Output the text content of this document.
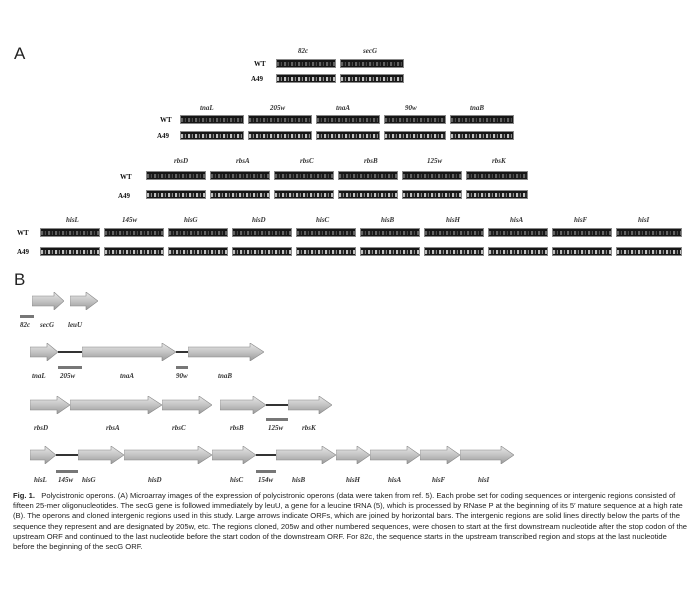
A	82c	secG
WT
A49
tnaL	205w	tnaA	90w	tnaB
WT
A49
rbsD	rbsA	rbsC	rbsB	125w	rbsK
WT
A49
hisL	145w	hisG	hisD	hisC	hisB	hisH	hisA	hisF	hisI
WT
A49
B
82c secG leuU
tnaL 205w	tnaA	90w	tnaB
rbsD	rbsA	rbsC	rbsB	125w	rbsK
hisL 145w hisG	hisD	hisC 154w	hisB	hisH	hisA	hisF	hisI
Fig. 1. Polycistronic operons. (A) Microarray images of the expression of polycistronic operons (data were taken from ref. 5). Each probe set for coding sequences or intergenic regions consisted of fifteen 25-mer oligonucleotides. The secG gene is followed immediately by leuU, a gene for a leucine tRNA (5), which is processed by RNase P at the beginning of its 5′ mature sequence at a high rate (B). The operons and cloned intergenic regions used in this study. Large arrows indicate ORFs, which are joined by horizontal bars. The intergenic regions are solid lines directly below the parts of the sequence they represent and are designated by 205w, etc. The regions cloned, 205w and other numbered sequences, were chosen to start at the first downstream nucleotide after the stop codon of the upstream ORF and continued to the last nucleotide before the start codon of the downstream ORF. For 82c, the sequence starts in the upstream transcribed region and stops at the last nucleotide before the beginning of the secG ORF.
